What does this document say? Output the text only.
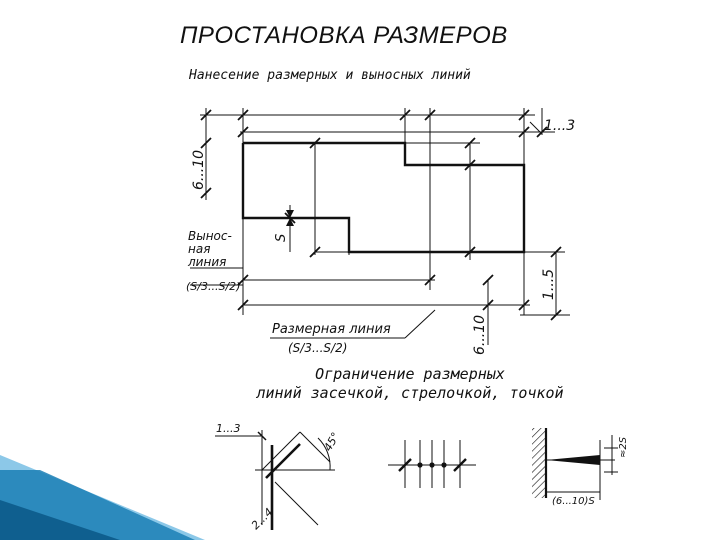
ПРОСТАНОВКА РАЗМЕРОВ
Нанесение размерных и выносных линий
1...3
6...10
S
1...5
6...10
Вынос-
ная
линия
(S/3...S/2)
Размерная линия
(S/3...S/2)
1...3
45°
2...4
≈2S
(6...10)S
Ограничение размерных
линий засечкой, стрелочкой, точкой
